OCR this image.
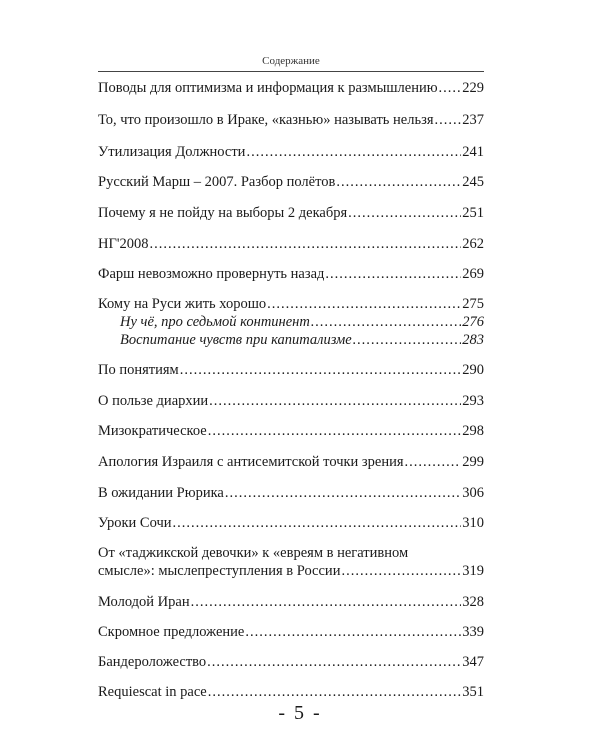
Содержание
Поводы для оптимизма и информация к размышлению ..... 229
То, что произошло в Ираке, «казнью» называть нельзя ..... 237
Утилизация Должности .....	241
Русский Марш – 2007. Разбор полётов .....	245
Почему я не пойду на выборы 2 декабря .....	251
НГ'2008 .....	262
Фарш невозможно провернуть назад .....	269
Кому на Руси жить хорошо .....	275
Ну чё, про седьмой континент .....	276
Воспитание чувств при капитализме .....	283
По понятиям .....	290
О пользе диархии .....	293
Мизократическое .....	298
Апология Израиля с антисемитской точки зрения .....	299
В ожидании Рюрика .....	306
Уроки Сочи .....	310
От «таджикской девочки» к «евреям в негативном
смысле»: мыслепреступления в России .....	319
Молодой Иран .....	328
Скромное предложение .....	339
Бандероложество .....	347
Requiescat in pace .....	351
- 5 -
